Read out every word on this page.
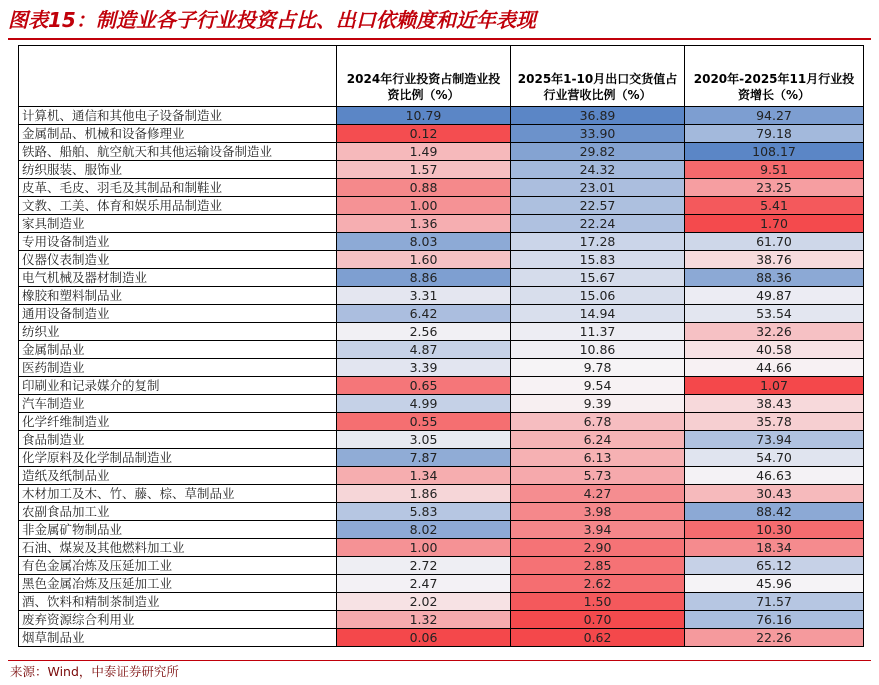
图表15：制造业各子行业投资占比、出口依赖度和近年表现
	2024年行业投资占制造业投资比例（%）	2025年1-10月出口交货值占行业营收比例（%）	2020年-2025年11月行业投资增长（%）
计算机、通信和其他电子设备制造业	10.79	36.89	94.27
金属制品、机械和设备修理业	0.12	33.90	79.18
铁路、船舶、航空航天和其他运输设备制造业	1.49	29.82	108.17
纺织服装、服饰业	1.57	24.32	9.51
皮革、毛皮、羽毛及其制品和制鞋业	0.88	23.01	23.25
文教、工美、体育和娱乐用品制造业	1.00	22.57	5.41
家具制造业	1.36	22.24	1.70
专用设备制造业	8.03	17.28	61.70
仪器仪表制造业	1.60	15.83	38.76
电气机械及器材制造业	8.86	15.67	88.36
橡胶和塑料制品业	3.31	15.06	49.87
通用设备制造业	6.42	14.94	53.54
纺织业	2.56	11.37	32.26
金属制品业	4.87	10.86	40.58
医药制造业	3.39	9.78	44.66
印刷业和记录媒介的复制	0.65	9.54	1.07
汽车制造业	4.99	9.39	38.43
化学纤维制造业	0.55	6.78	35.78
食品制造业	3.05	6.24	73.94
化学原料及化学制品制造业	7.87	6.13	54.70
造纸及纸制品业	1.34	5.73	46.63
木材加工及木、竹、藤、棕、草制品业	1.86	4.27	30.43
农副食品加工业	5.83	3.98	88.42
非金属矿物制品业	8.02	3.94	10.30
石油、煤炭及其他燃料加工业	1.00	2.90	18.34
有色金属冶炼及压延加工业	2.72	2.85	65.12
黑色金属冶炼及压延加工业	2.47	2.62	45.96
酒、饮料和精制茶制造业	2.02	1.50	71.57
废弃资源综合利用业	1.32	0.70	76.16
烟草制品业	0.06	0.62	22.26
来源：Wind，中泰证券研究所
